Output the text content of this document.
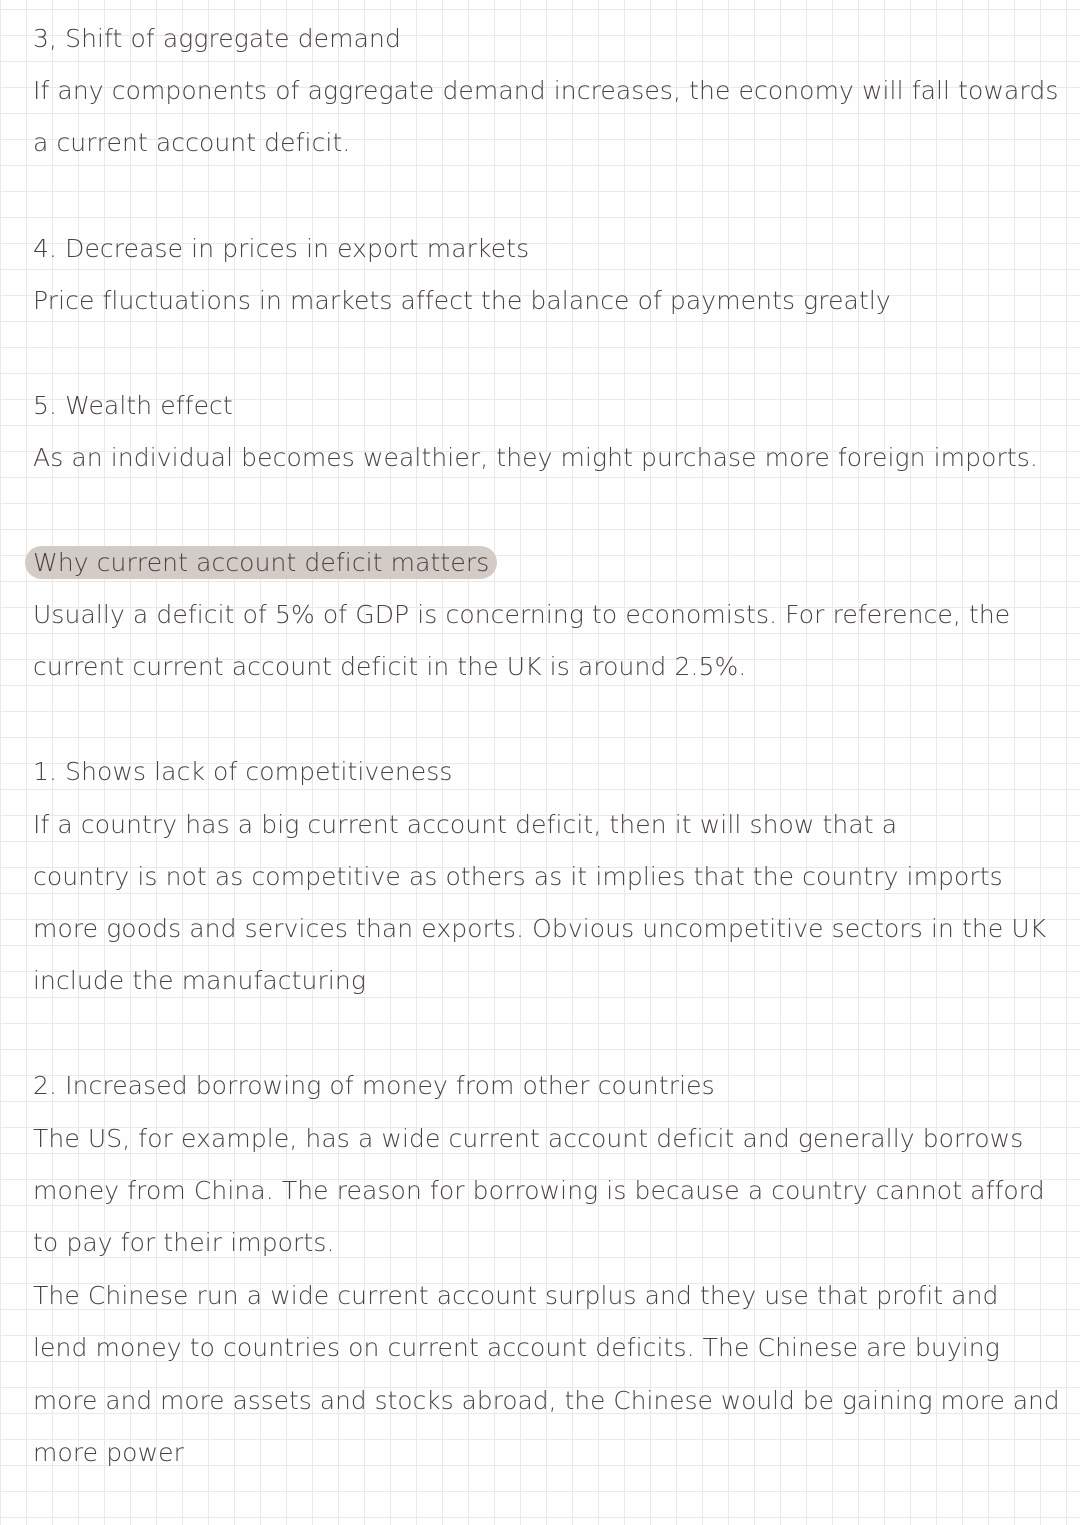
3, Shift of aggregate demand
If any components of aggregate demand increases, the economy will fall towards
a current account deficit.
4. Decrease in prices in export markets
Price fluctuations in markets affect the balance of payments greatly
5. Wealth effect
As an individual becomes wealthier, they might purchase more foreign imports.
Why current account deficit matters
Usually a deficit of 5% of GDP is concerning to economists. For reference, the
current current account deficit in the UK is around 2.5%.
1. Shows lack of competitiveness
If a country has a big current account deficit, then it will show that a
country is not as competitive as others as it implies that the country imports
more goods and services than exports. Obvious uncompetitive sectors in the UK
include the manufacturing
2. Increased borrowing of money from other countries
The US, for example, has a wide current account deficit and generally borrows
money from China. The reason for borrowing is because a country cannot afford
to pay for their imports.
The Chinese run a wide current account surplus and they use that profit and
lend money to countries on current account deficits. The Chinese are buying
more and more assets and stocks abroad, the Chinese would be gaining more and
more power
